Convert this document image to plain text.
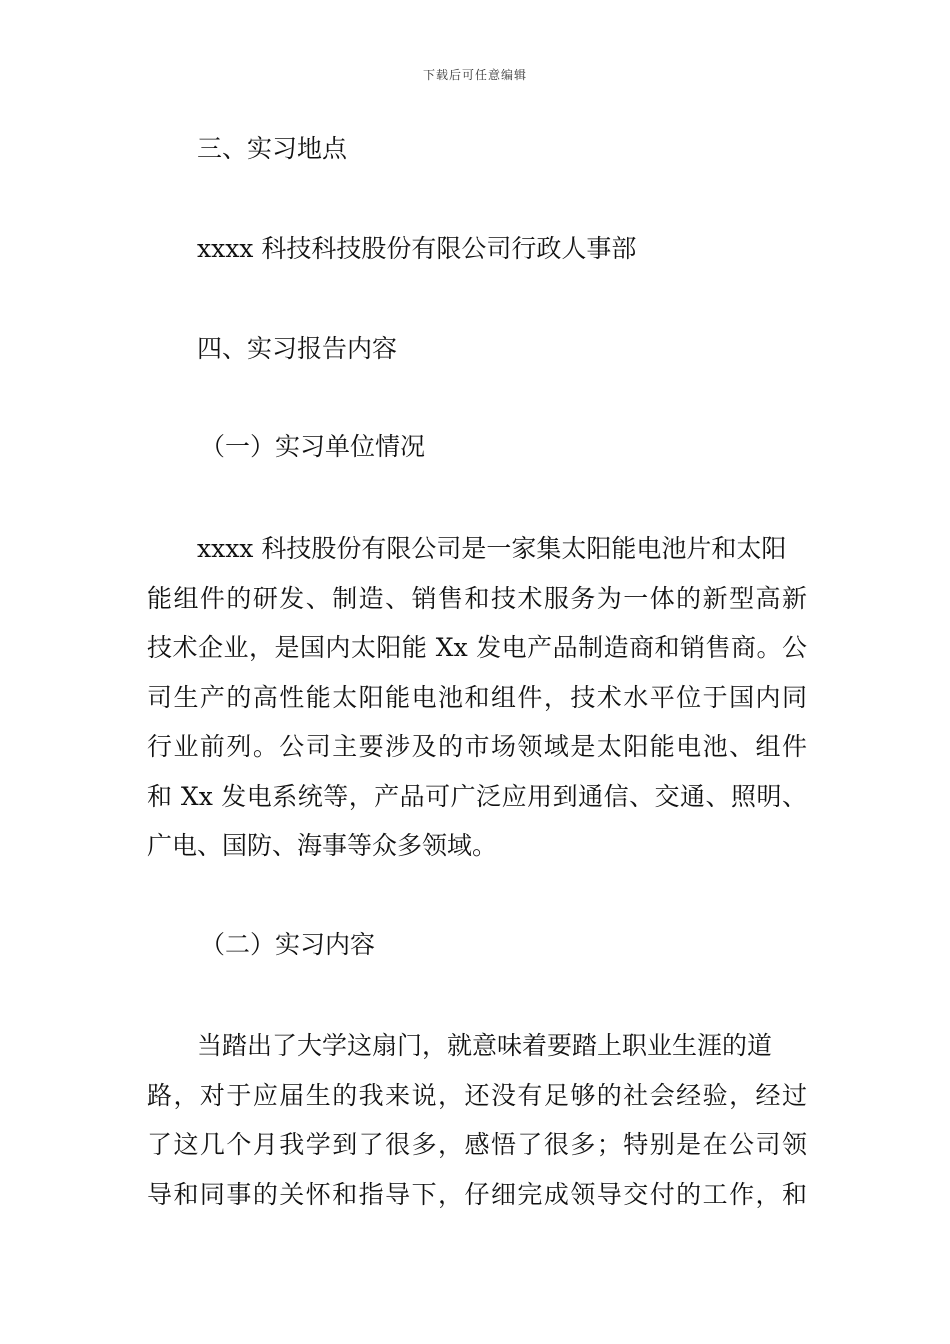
下载后可任意编辑
三、实习地点
xxxx 科技科技股份有限公司行政人事部
四、实习报告内容
（一）实习单位情况
xxxx 科技股份有限公司是一家集太阳能电池片和太阳
能组件的研发、制造、销售和技术服务为一体的新型高新
技术企业，是国内太阳能 Xx 发电产品制造商和销售商。公
司生产的高性能太阳能电池和组件，技术水平位于国内同
行业前列。公司主要涉及的市场领域是太阳能电池、组件
和 Xx 发电系统等，产品可广泛应用到通信、交通、照明、
广电、国防、海事等众多领域。
（二）实习内容
当踏出了大学这扇门，就意味着要踏上职业生涯的道
路，对于应届生的我来说，还没有足够的社会经验，经过
了这几个月我学到了很多，感悟了很多；特别是在公司领
导和同事的关怀和指导下，仔细完成领导交付的工作，和
